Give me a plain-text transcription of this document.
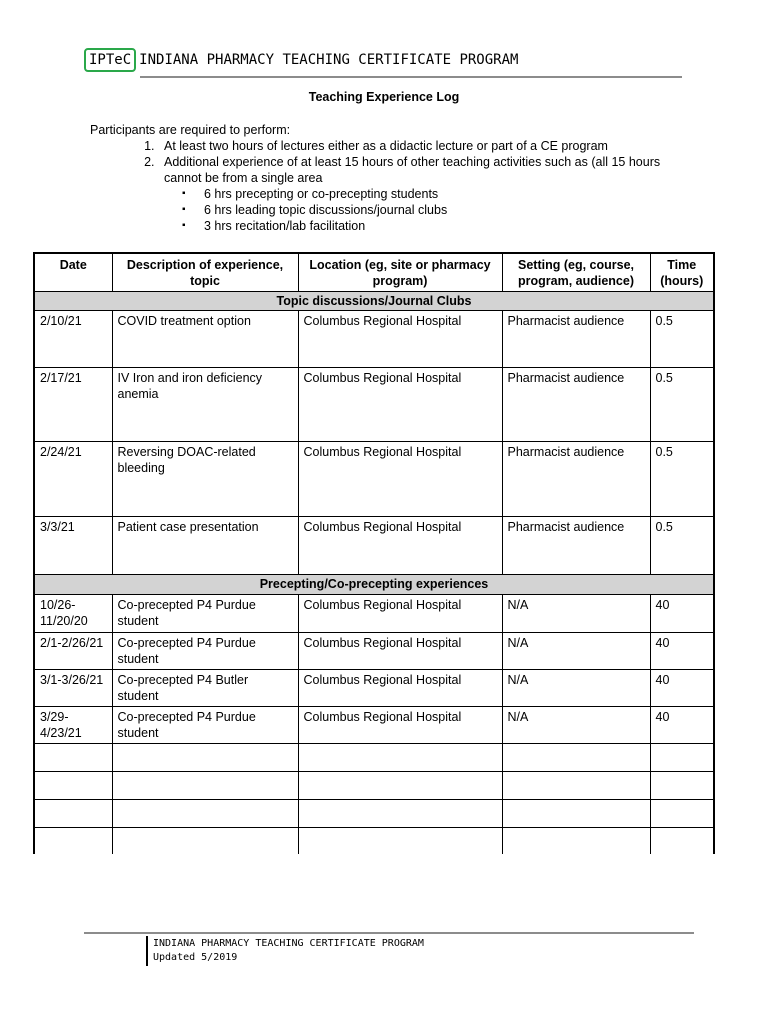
IPTeC INDIANA PHARMACY TEACHING CERTIFICATE PROGRAM
Teaching Experience Log
Participants are required to perform:
1. At least two hours of lectures either as a didactic lecture or part of a CE program
2. Additional experience of at least 15 hours of other teaching activities such as (all 15 hours cannot be from a single area
▪ 6 hrs precepting or co-precepting students
▪ 6 hrs leading topic discussions/journal clubs
▪ 3 hrs recitation/lab facilitation
Date	Description of experience, topic	Location (eg, site or pharmacy program)	Setting (eg, course, program, audience)	Time (hours)
Topic discussions/Journal Clubs				
2/10/21	COVID treatment option	Columbus Regional Hospital	Pharmacist audience	0.5
2/17/21	IV Iron and iron deficiency anemia	Columbus Regional Hospital	Pharmacist audience	0.5
2/24/21	Reversing DOAC-related bleeding	Columbus Regional Hospital	Pharmacist audience	0.5
3/3/21	Patient case presentation	Columbus Regional Hospital	Pharmacist audience	0.5
Precepting/Co-precepting experiences				
10/26-11/20/20	Co-precepted P4 Purdue student	Columbus Regional Hospital	N/A	40
2/1-2/26/21	Co-precepted P4 Purdue student	Columbus Regional Hospital	N/A	40
3/1-3/26/21	Co-precepted P4 Butler student	Columbus Regional Hospital	N/A	40
3/29-4/23/21	Co-precepted P4 Purdue student	Columbus Regional Hospital	N/A	40

INDIANA PHARMACY TEACHING CERTIFICATE PROGRAM
Updated 5/2019
